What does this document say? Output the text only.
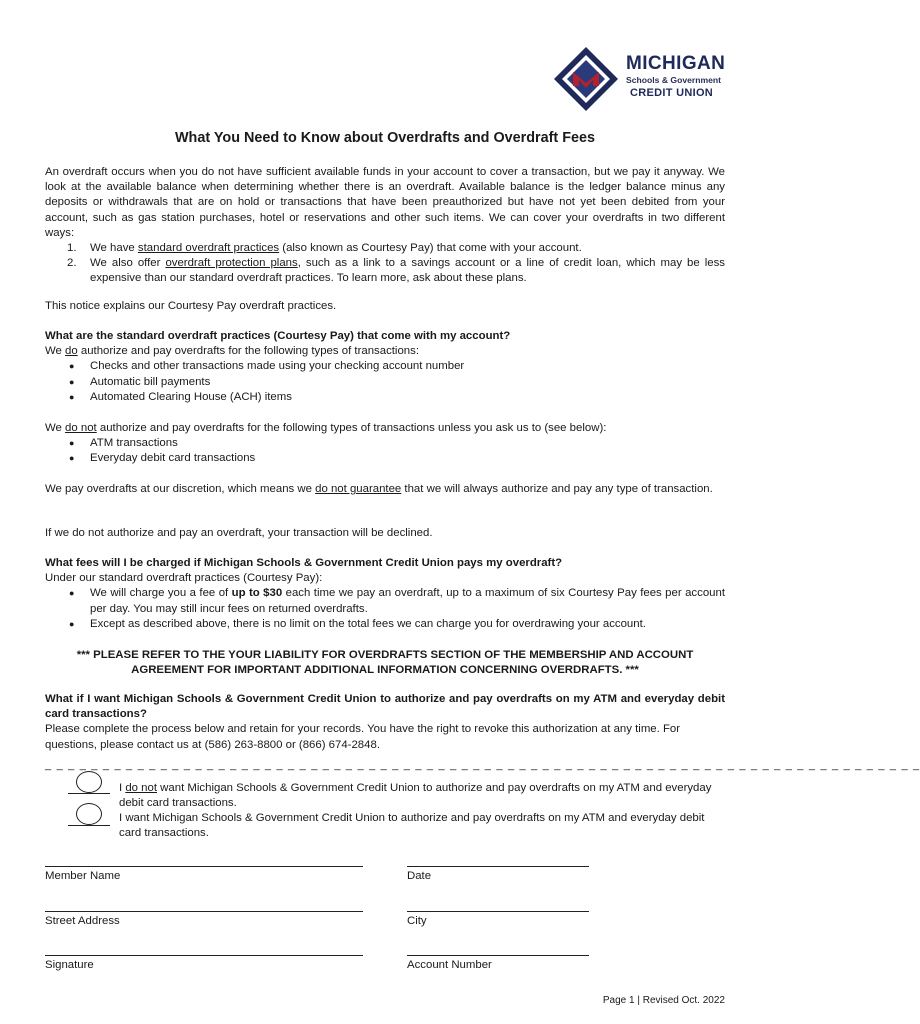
MICHIGAN
Schools & Government
CREDIT UNION
What You Need to Know about Overdrafts and Overdraft Fees

An overdraft occurs when you do not have sufficient available funds in your account to cover a transaction, but we pay it anyway. We look at the available balance when determining whether there is an overdraft. Available balance is the ledger balance minus any deposits or withdrawals that are on hold or transactions that have been preauthorized but have not yet been debited from your account, such as gas station purchases, hotel or reservations and other such items. We can cover your overdrafts in two different ways:

1. We have standard overdraft practices (also known as Courtesy Pay) that come with your account.
2. We also offer overdraft protection plans, such as a link to a savings account or a line of credit loan, which may be less expensive than our standard overdraft practices. To learn more, ask about these plans.
This notice explains our Courtesy Pay overdraft practices.

What are the standard overdraft practices (Courtesy Pay) that come with my account?

We do authorize and pay overdrafts for the following types of transactions:

● Checks and other transactions made using your checking account number
● Automatic bill payments
● Automated Clearing House (ACH) items

We do not authorize and pay overdrafts for the following types of transactions unless you ask us to (see below):

● ATM transactions
● Everyday debit card transactions
We pay overdrafts at our discretion, which means we do not guarantee that we will always authorize and pay any type of transaction.
If we do not authorize and pay an overdraft, your transaction will be declined.

What fees will I be charged if Michigan Schools & Government Credit Union pays my overdraft?

Under our standard overdraft practices (Courtesy Pay):

● We will charge you a fee of up to $30 each time we pay an overdraft, up to a maximum of six Courtesy Pay fees per account per day. You may still incur fees on returned overdrafts.
● Except as described above, there is no limit on the total fees we can charge you for overdrawing your account.
*** PLEASE REFER TO THE YOUR LIABILITY FOR OVERDRAFTS SECTION OF THE MEMBERSHIP AND ACCOUNT AGREEMENT FOR IMPORTANT ADDITIONAL INFORMATION CONCERNING OVERDRAFTS. ***

What if I want Michigan Schools & Government Credit Union to authorize and pay overdrafts on my ATM and everyday debit card transactions?

Please complete the process below and retain for your records. You have the right to revoke this authorization at any time. For questions, please contact us at (586) 263-8800 or (866) 674-2848.

_ _ _ _ _ _ _ _ _ _ _ _ _ _ _ _ _ _ _ _ _ _ _ _ _ _ _ _ _ _ _ _ _ _ _ _ _ _ _ _ _ _ _ _ _ _ _ _ _ _ _ _ _ _ _ _ _ _ _ _ _ _ _ _ _ _ _ _ _ _ _ _ _ _ _ _
I do not want Michigan Schools & Government Credit Union to authorize and pay overdrafts on my ATM and everyday debit card transactions.
I want Michigan Schools & Government Credit Union to authorize and pay overdrafts on my ATM and everyday debit card transactions.
Member Name	Date
Street Address	City
Signature	Account Number
Page 1 | Revised Oct. 2022
